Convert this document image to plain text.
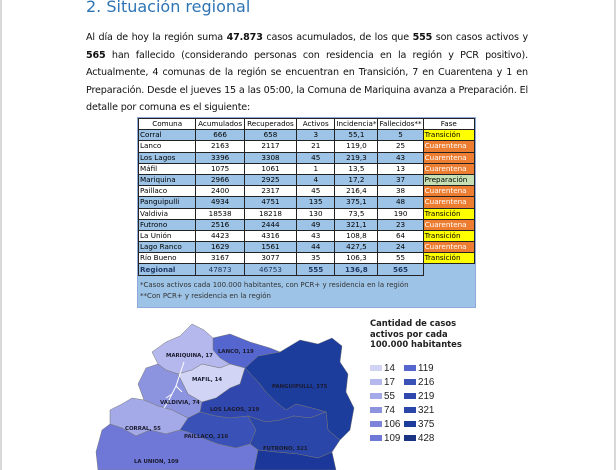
2. Situación regional
Al día de hoy la región suma 47.873 casos acumulados, de los que 555 son casos activos y 565 han fallecido (considerando personas con residencia en la región y PCR positivo). Actualmente, 4 comunas de la región se encuentran en Transición, 7 en Cuarentena y 1 en Preparación. Desde el jueves 15 a las 05:00, la Comuna de Mariquina avanza a Preparación. El detalle por comuna es el siguiente:
Comuna	Acumulados	Recuperados	Activos	Incidencia*	Fallecidos**	Fase
Corral	666	658	3	55,1	5	Transición
Lanco	2163	2117	21	119,0	25	Cuarentena
Los Lagos	3396	3308	45	219,3	43	Cuarentena
Máfil	1075	1061	1	13,5	13	Cuarentena
Mariquina	2966	2925	4	17,2	37	Preparación
Paillaco	2400	2317	45	216,4	38	Cuarentena
Panguipulli	4934	4751	135	375,1	48	Cuarentena
Valdivia	18538	18218	130	73,5	190	Transición
Futrono	2516	2444	49	321,1	23	Cuarentena
La Unión	4423	4316	43	108,8	64	Transición
Lago Ranco	1629	1561	44	427,5	24	Cuarentena
Río Bueno	3167	3077	35	106,3	55	Transición
Regional	47873	46753	555	136,8	565	
*Casos activos cada 100.000 habitantes, con PCR+ y residencia en la región
**Con PCR+ y residencia en la región
MARIQUINA, 17
LANCO, 119
MAFIL, 14
VALDIVIA, 74
PANGUIPULLI, 375
LOS LAGOS, 219
CORRAL, 55
PAILLACO, 216
FUTRONO, 321
LA UNION, 109
Cantidad de casos
activos por cada
100.000 habitantes
14 119
17 216
55 219
74 321
106 375
109 428
